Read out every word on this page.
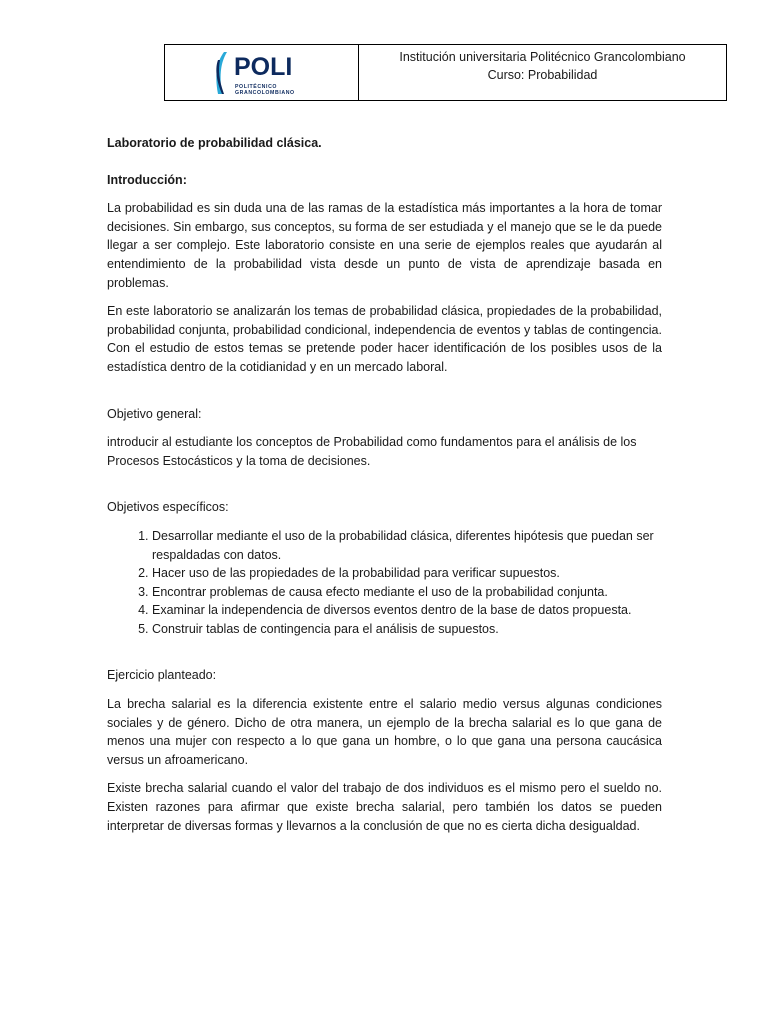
POLI
POLITÉCNICO
GRANCOLOMBIANO
Institución universitaria Politécnico Grancolombiano
Curso: Probabilidad

Laboratorio de probabilidad clásica.

Introducción:

La probabilidad es sin duda una de las ramas de la estadística más importantes a la hora de tomar decisiones. Sin embargo, sus conceptos, su forma de ser estudiada y el manejo que se le da puede llegar a ser complejo. Este laboratorio consiste en una serie de ejemplos reales que ayudarán al entendimiento de la probabilidad vista desde un punto de vista de aprendizaje basada en problemas.

En este laboratorio se analizarán los temas de probabilidad clásica, propiedades de la probabilidad, probabilidad conjunta, probabilidad condicional, independencia de eventos y tablas de contingencia. Con el estudio de estos temas se pretende poder hacer identificación de los posibles usos de la estadística dentro de la cotidianidad y en un mercado laboral.

Objetivo general:

introducir al estudiante los conceptos de Probabilidad como fundamentos para el análisis de los Procesos Estocásticos y la toma de decisiones.

Objetivos específicos:

1. Desarrollar mediante el uso de la probabilidad clásica, diferentes hipótesis que puedan ser respaldadas con datos.
2. Hacer uso de las propiedades de la probabilidad para verificar supuestos.
3. Encontrar problemas de causa efecto mediante el uso de la probabilidad conjunta.
4. Examinar la independencia de diversos eventos dentro de la base de datos propuesta.
5. Construir tablas de contingencia para el análisis de supuestos.

Ejercicio planteado:

La brecha salarial es la diferencia existente entre el salario medio versus algunas condiciones sociales y de género. Dicho de otra manera, un ejemplo de la brecha salarial es lo que gana de menos una mujer con respecto a lo que gana un hombre, o lo que gana una persona caucásica versus un afroamericano.

Existe brecha salarial cuando el valor del trabajo de dos individuos es el mismo pero el sueldo no. Existen razones para afirmar que existe brecha salarial, pero también los datos se pueden interpretar de diversas formas y llevarnos a la conclusión de que no es cierta dicha desigualdad.
